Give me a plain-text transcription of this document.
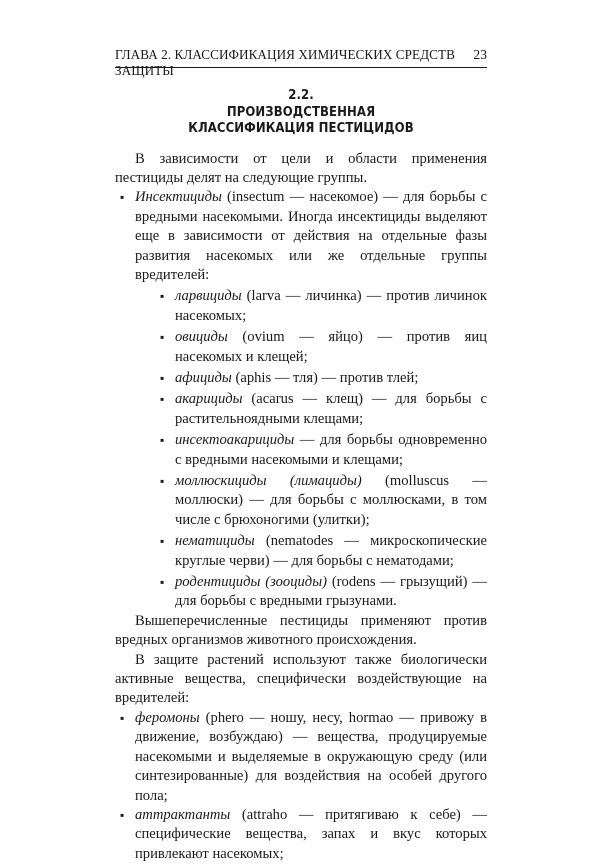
ГЛАВА 2. КЛАССИФИКАЦИЯ ХИМИЧЕСКИХ СРЕДСТВ ЗАЩИТЫ
23
2.2.
ПРОИЗВОДСТВЕННАЯ
КЛАССИФИКАЦИЯ ПЕСТИЦИДОВ

В зависимости от цели и области применения пестициды делят на следующие группы.

▪ Инсектициды (insectum — насекомое) — для борьбы с вредными насекомыми. Иногда инсектициды выделяют еще в зависимости от действия на отдельные фазы развития насекомых или же отдельные группы вредителей:
▪ ларвициды (larva — личинка) — против личинок насекомых;
▪ овициды (ovium — яйцо) — против яиц насекомых и клещей;
▪ афициды (aphis — тля) — против тлей;
▪ акарициды (acarus — клещ) — для борьбы с растительноядными клещами;
▪ инсектоакарициды — для борьбы одновременно с вредными насекомыми и клещами;
▪ моллюскициды (лимациды) (molluscus — моллюски) — для борьбы с моллюсками, в том числе с брюхоногими (улитки);
▪ нематициды (nematodes — микроскопические круглые черви) — для борьбы с нематодами;
▪ родентициды (зооциды) (rodens — грызущий) — для борьбы с вредными грызунами.

Вышеперечисленные пестициды применяют против вредных организмов животного происхождения.

В защите растений используют также биологически активные вещества, специфически воздействующие на вредителей:

▪ феромоны (phero — ношу, несу, hormao — привожу в движение, возбуждаю) — вещества, продуцируемые насекомыми и выделяемые в окружающую среду (или синтезированные) для воздействия на особей другого пола;
▪ аттрактанты (attraho — притягиваю к себе) — специфические вещества, запах и вкус которых привлекают насекомых;
